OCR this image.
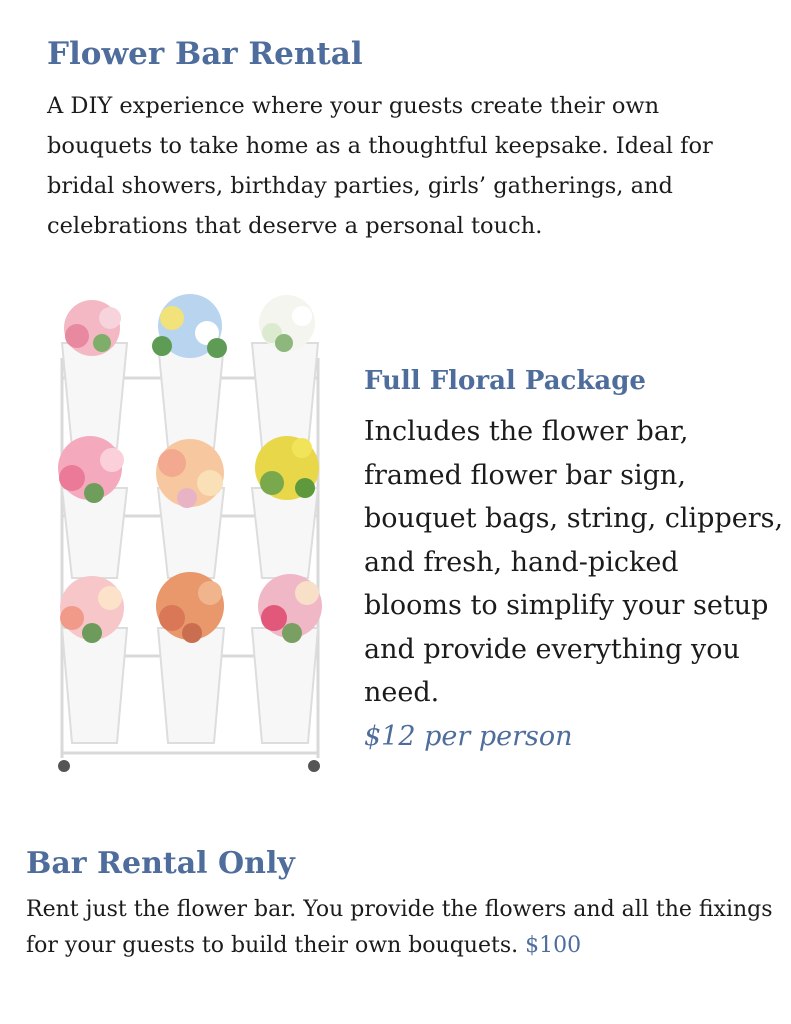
Flower Bar Rental

A DIY experience where your guests create their own bouquets to take home as a thoughtful keepsake. Ideal for bridal showers, birthday parties, girls’ gatherings, and celebrations that deserve a personal touch.

Full Floral Package

Includes the flower bar, framed flower bar sign, bouquet bags, string, clippers, and fresh, hand-picked blooms to simplify your setup and provide everything you need.
$12 per person

Bar Rental Only

Rent just the flower bar. You provide the flowers and all the fixings for your guests to build their own bouquets. $100
